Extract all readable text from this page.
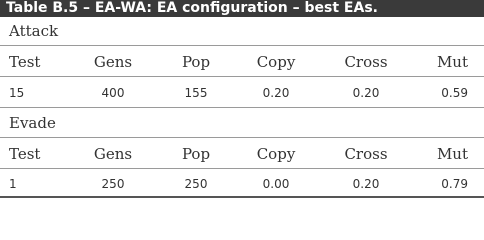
Table B.5 – EA-WA: EA configuration – best EAs.
Attack
Test	Gens	Pop	Copy	Cross	Mut
15	400	155	0.20	0.20	0.59
Evade
Test	Gens	Pop	Copy	Cross	Mut
1	250	250	0.00	0.20	0.79
